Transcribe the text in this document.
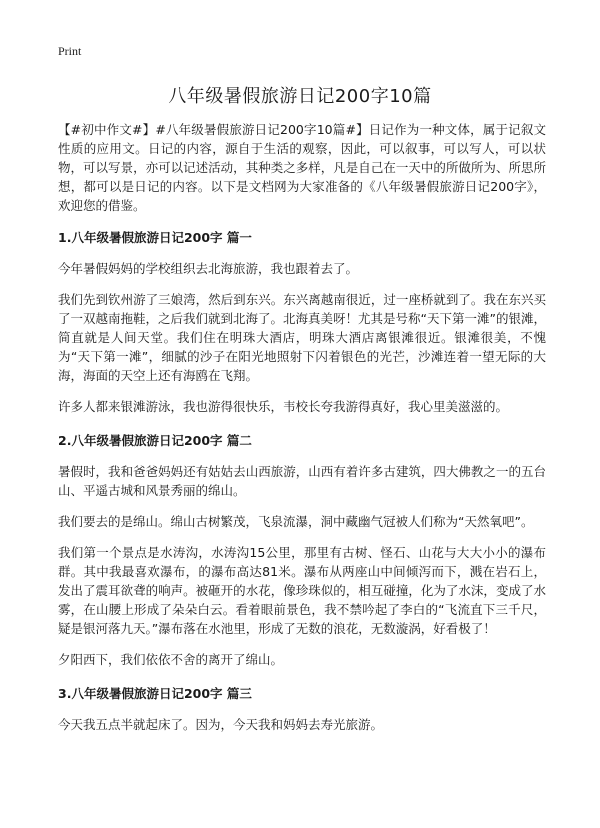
Print
八年级暑假旅游日记200字10篇

【#初中作文#】#八年级暑假旅游日记200字10篇#】日记作为一种文体，属于记叙文性质的应用文。日记的内容，源自于生活的观察，因此，可以叙事，可以写人，可以状物，可以写景，亦可以记述活动，其种类之多样，凡是自己在一天中的所做所为、所思所想，都可以是日记的内容。以下是文档网为大家准备的《八年级暑假旅游日记200字》，欢迎您的借鉴。

1.八年级暑假旅游日记200字 篇一

今年暑假妈妈的学校组织去北海旅游，我也跟着去了。

我们先到钦州游了三娘湾，然后到东兴。东兴离越南很近，过一座桥就到了。我在东兴买了一双越南拖鞋，之后我们就到北海了。北海真美呀！尤其是号称“天下第一滩”的银滩，简直就是人间天堂。我们住在明珠大酒店，明珠大酒店离银滩很近。银滩很美，不愧为“天下第一滩”，细腻的沙子在阳光地照射下闪着银色的光芒，沙滩连着一望无际的大海，海面的天空上还有海鸥在飞翔。

许多人都来银滩游泳，我也游得很快乐，韦校长夸我游得真好，我心里美滋滋的。

2.八年级暑假旅游日记200字 篇二

暑假时，我和爸爸妈妈还有姑姑去山西旅游，山西有着许多古建筑，四大佛教之一的五台山、平遥古城和风景秀丽的绵山。

我们要去的是绵山。绵山古树繁茂，飞泉流瀑，洞中藏幽气冠被人们称为“天然氧吧”。

我们第一个景点是水涛沟，水涛沟15公里，那里有古树、怪石、山花与大大小小的瀑布群。其中我最喜欢瀑布，的瀑布高达81米。瀑布从两座山中间倾泻而下，溅在岩石上，发出了震耳欲聋的响声。被砸开的水花，像珍珠似的，相互碰撞，化为了水沫，变成了水雾，在山腰上形成了朵朵白云。看着眼前景色，我不禁吟起了李白的“飞流直下三千尺，疑是银河落九天。”瀑布落在水池里，形成了无数的浪花，无数漩涡，好看极了！

夕阳西下，我们依依不舍的离开了绵山。

3.八年级暑假旅游日记200字 篇三

今天我五点半就起床了。因为，今天我和妈妈去寿光旅游。
